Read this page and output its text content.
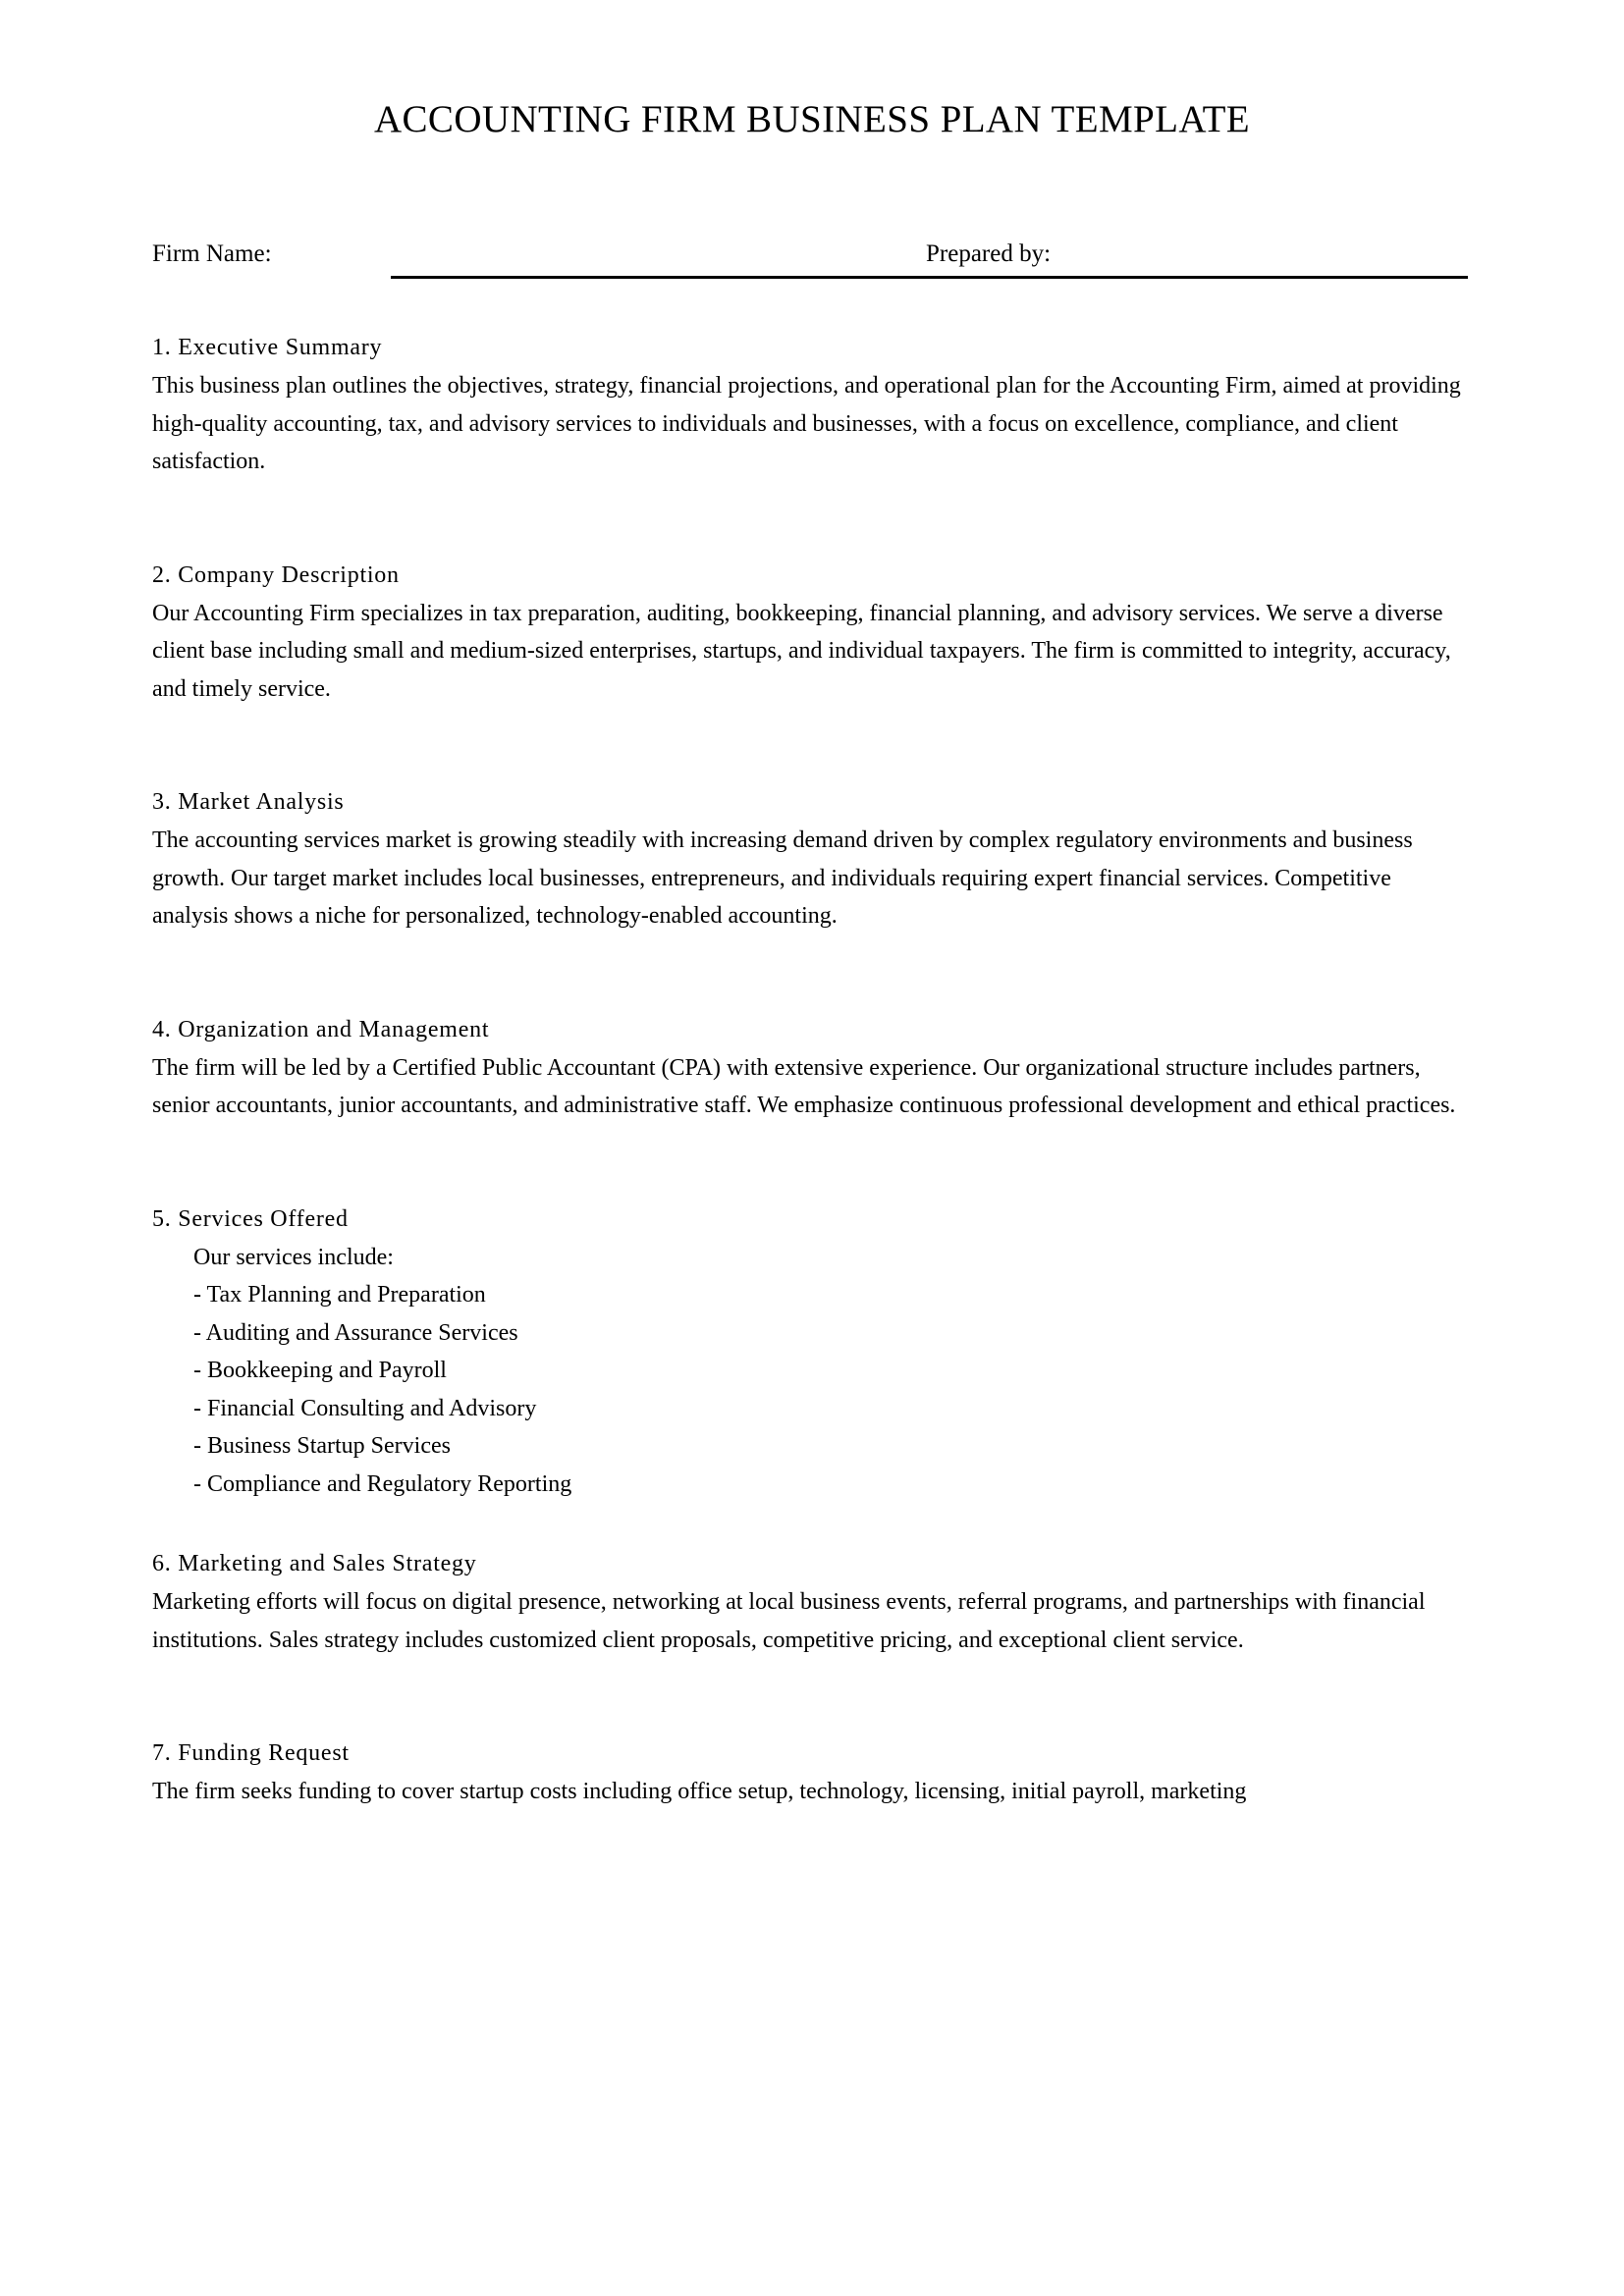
ACCOUNTING FIRM BUSINESS PLAN TEMPLATE
Firm Name:	Prepared by:
1. Executive Summary

This business plan outlines the objectives, strategy, financial projections, and operational plan for the Accounting Firm, aimed at providing high-quality accounting, tax, and advisory services to individuals and businesses, with a focus on excellence, compliance, and client satisfaction.

2. Company Description

Our Accounting Firm specializes in tax preparation, auditing, bookkeeping, financial planning, and advisory services. We serve a diverse client base including small and medium-sized enterprises, startups, and individual taxpayers. The firm is committed to integrity, accuracy, and timely service.

3. Market Analysis

The accounting services market is growing steadily with increasing demand driven by complex regulatory environments and business growth. Our target market includes local businesses, entrepreneurs, and individuals requiring expert financial services. Competitive analysis shows a niche for personalized, technology-enabled accounting.

4. Organization and Management

The firm will be led by a Certified Public Accountant (CPA) with extensive experience. Our organizational structure includes partners, senior accountants, junior accountants, and administrative staff. We emphasize continuous professional development and ethical practices.

5. Services Offered

Our services include:

- Tax Planning and Preparation
- Auditing and Assurance Services
- Bookkeeping and Payroll
- Financial Consulting and Advisory
- Business Startup Services
- Compliance and Regulatory Reporting
6. Marketing and Sales Strategy

Marketing efforts will focus on digital presence, networking at local business events, referral programs, and partnerships with financial institutions. Sales strategy includes customized client proposals, competitive pricing, and exceptional client service.

7. Funding Request

The firm seeks funding to cover startup costs including office setup, technology, licensing, initial payroll, marketing
